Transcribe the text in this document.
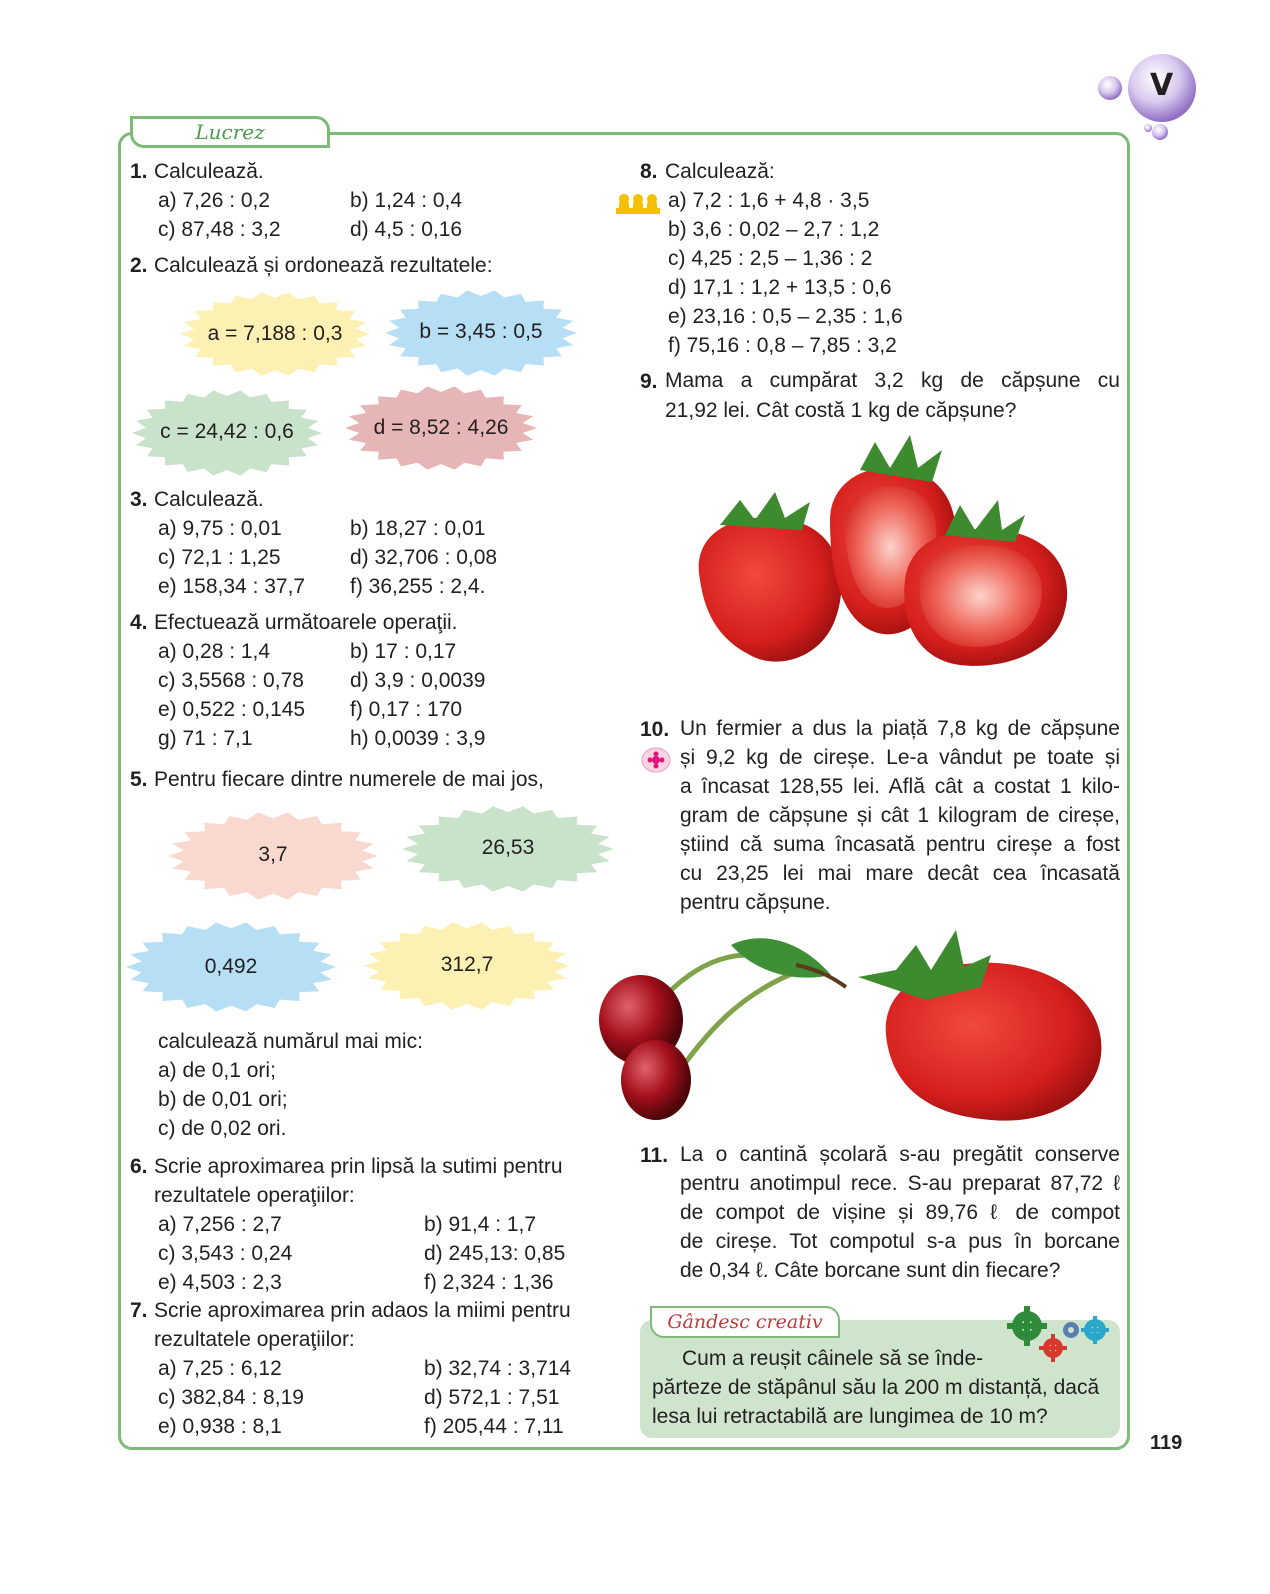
V
Lucrez
1. Calculează.
a) 7,26 : 0,2	b) 1,24 : 0,4
c) 87,48 : 3,2	d) 4,5 : 0,16
2. Calculează și ordonează rezultatele:
a = 7,188 : 0,3	b = 3,45 : 0,5
c = 24,42 : 0,6	d = 8,52 : 4,26
3. Calculează.
a) 9,75 : 0,01	b) 18,27 : 0,01
c) 72,1 : 1,25	d) 32,706 : 0,08
e) 158,34 : 37,7 f) 36,255 : 2,4.
4. Efectuează următoarele operaţii.
a) 0,28 : 1,4	b) 17 : 0,17
c) 3,5568 : 0,78 d) 3,9 : 0,0039
e) 0,522 : 0,145 f) 0,17 : 170
g) 71 : 7,1	h) 0,0039 : 3,9
5. Pentru fiecare dintre numerele de mai jos,
3,7	26,53
0,492	312,7
calculează numărul mai mic:
a) de 0,1 ori;
b) de 0,01 ori;
c) de 0,02 ori.
6. Scrie aproximarea prin lipsă la sutimi pentru
rezultatele operaţiilor:
a) 7,256 : 2,7	b) 91,4 : 1,7
c) 3,543 : 0,24	d) 245,13: 0,85
e) 4,503 : 2,3	f) 2,324 : 1,36
7. Scrie aproximarea prin adaos la miimi pentru
rezultatele operaţiilor:
a) 7,25 : 6,12	b) 32,74 : 3,714
c) 382,84 : 8,19	d) 572,1 : 7,51
e) 0,938 : 8,1	f) 205,44 : 7,11
8. Calculează:
a) 7,2 : 1,6 + 4,8 · 3,5
b) 3,6 : 0,02 – 2,7 : 1,2
c) 4,25 : 2,5 – 1,36 : 2
d) 17,1 : 1,2 + 13,5 : 0,6
e) 23,16 : 0,5 – 2,35 : 1,6
f) 75,16 : 0,8 – 7,85 : 3,2
9. Mama a cumpărat 3,2 kg de căpșune cu
21,92 lei. Cât costă 1 kg de căpșune?
10. Un fermier a dus la piață 7,8 kg de căpșune
și 9,2 kg de cireșe. Le-a vândut pe toate și
a încasat 128,55 lei. Află cât a costat 1 kilo-
gram de căpșune și cât 1 kilogram de cireșe,
știind că suma încasată pentru cireșe a fost
cu 23,25 lei mai mare decât cea încasată
pentru căpșune.
11. La o cantină școlară s-au pregătit conserve
pentru anotimpul rece. S-au preparat 87,72 ℓ
de compot de vișine și 89,76 ℓ de compot
de cireșe. Tot compotul s-a pus în borcane
de 0,34 ℓ. Câte borcane sunt din fiecare?
Gândesc creativ
Cum a reușit câinele să se înde-
părteze de stăpânul său la 200 m distanță, dacă
lesa lui retractabilă are lungimea de 10 m?
119
